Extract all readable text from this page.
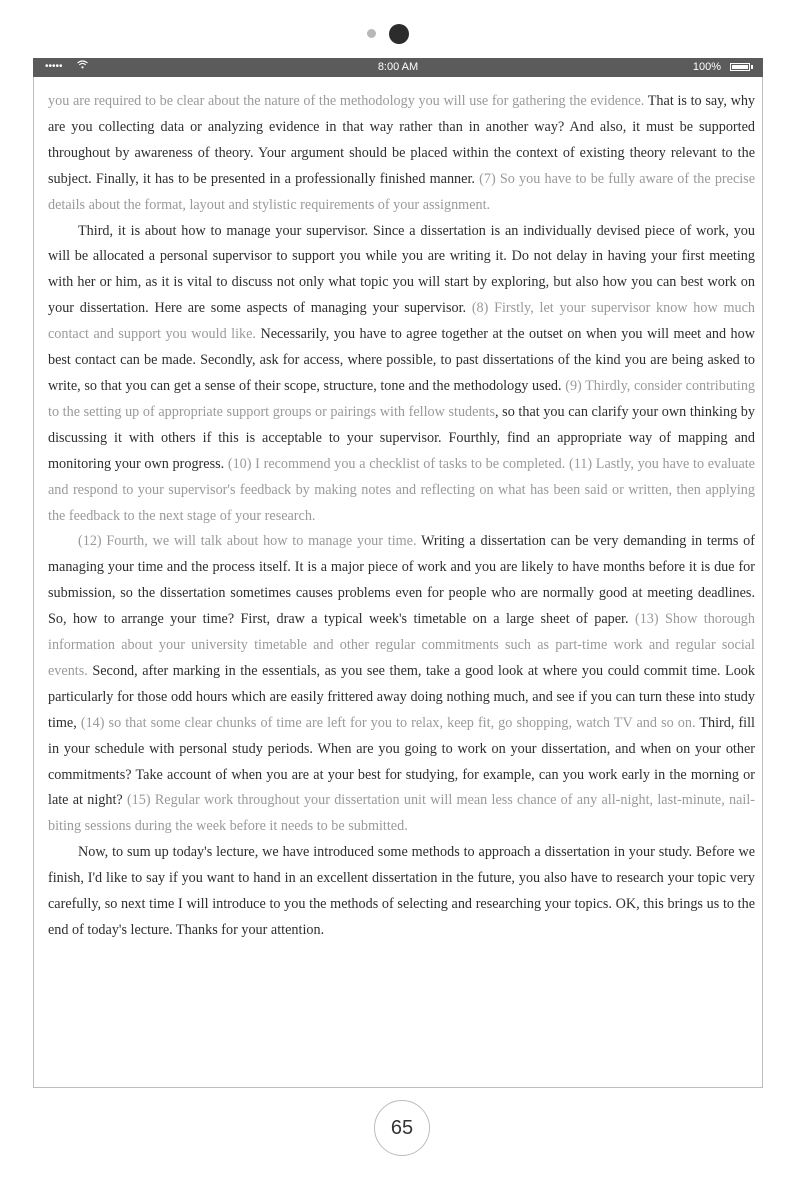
•••••	8:00 AM	100%

you are required to be clear about the nature of the methodology you will use for gathering the evidence. That is to say, why are you collecting data or analyzing evidence in that way rather than in another way? And also, it must be supported throughout by awareness of theory. Your argument should be placed within the context of existing theory relevant to the subject. Finally, it has to be presented in a professionally finished manner. (7) So you have to be fully aware of the precise details about the format, layout and stylistic requirements of your assignment.

Third, it is about how to manage your supervisor. Since a dissertation is an individually devised piece of work, you will be allocated a personal supervisor to support you while you are writing it. Do not delay in having your first meeting with her or him, as it is vital to discuss not only what topic you will start by exploring, but also how you can best work on your dissertation. Here are some aspects of managing your supervisor. (8) Firstly, let your supervisor know how much contact and support you would like. Necessarily, you have to agree together at the outset on when you will meet and how best contact can be made. Secondly, ask for access, where possible, to past dissertations of the kind you are being asked to write, so that you can get a sense of their scope, structure, tone and the methodology used. (9) Thirdly, consider contributing to the setting up of appropriate support groups or pairings with fellow students, so that you can clarify your own thinking by discussing it with others if this is acceptable to your supervisor. Fourthly, find an appropriate way of mapping and monitoring your own progress. (10) I recommend you a checklist of tasks to be completed. (11) Lastly, you have to evaluate and respond to your supervisor's feedback by making notes and reflecting on what has been said or written, then applying the feedback to the next stage of your research.

(12) Fourth, we will talk about how to manage your time. Writing a dissertation can be very demanding in terms of managing your time and the process itself. It is a major piece of work and you are likely to have months before it is due for submission, so the dissertation sometimes causes problems even for people who are normally good at meeting deadlines. So, how to arrange your time? First, draw a typical week's timetable on a large sheet of paper. (13) Show thorough information about your university timetable and other regular commitments such as part-time work and regular social events. Second, after marking in the essentials, as you see them, take a good look at where you could commit time. Look particularly for those odd hours which are easily frittered away doing nothing much, and see if you can turn these into study time, (14) so that some clear chunks of time are left for you to relax, keep fit, go shopping, watch TV and so on. Third, fill in your schedule with personal study periods. When are you going to work on your dissertation, and when on your other commitments? Take account of when you are at your best for studying, for example, can you work early in the morning or late at night? (15) Regular work throughout your dissertation unit will mean less chance of any all-night, last-minute, nail-biting sessions during the week before it needs to be submitted.

Now, to sum up today's lecture, we have introduced some methods to approach a dissertation in your study. Before we finish, I'd like to say if you want to hand in an excellent dissertation in the future, you also have to research your topic very carefully, so next time I will introduce to you the methods of selecting and researching your topics. OK, this brings us to the end of today's lecture. Thanks for your attention.

65
